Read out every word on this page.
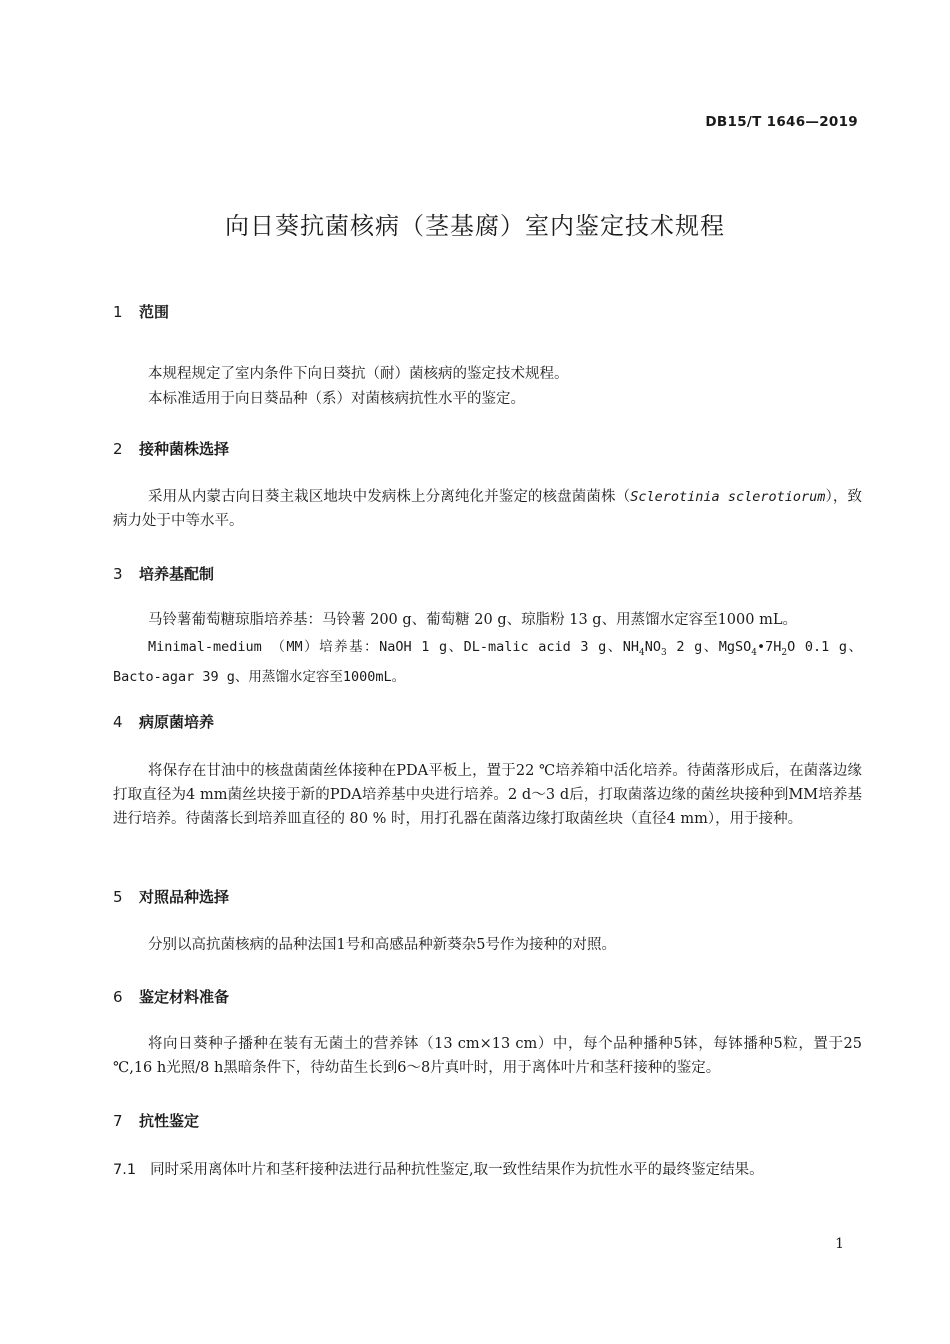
DB15/T 1646—2019
向日葵抗菌核病（茎基腐）室内鉴定技术规程
1 范围
本规程规定了室内条件下向日葵抗（耐）菌核病的鉴定技术规程。
本标准适用于向日葵品种（系）对菌核病抗性水平的鉴定。
2 接种菌株选择
采用从内蒙古向日葵主栽区地块中发病株上分离纯化并鉴定的核盘菌菌株（Sclerotinia sclerotiorum），致病力处于中等水平。
3 培养基配制
马铃薯葡萄糖琼脂培养基：马铃薯 200 g、葡萄糖 20 g、琼脂粉 13 g、用蒸馏水定容至1000 mL。
Minimal-medium （MM）培养基：NaOH 1 g、DL-malic acid 3 g、$NH_4NO_3$ 2 g、$MgSO_4•7H_2O$ 0.1 g、Bacto-agar 39 g、用蒸馏水定容至1000mL。
4 病原菌培养
将保存在甘油中的核盘菌菌丝体接种在PDA平板上，置于22 ℃培养箱中活化培养。待菌落形成后，在菌落边缘打取直径为4 mm菌丝块接于新的PDA培养基中央进行培养。2 d～3 d后，打取菌落边缘的菌丝块接种到MM培养基进行培养。待菌落长到培养皿直径的 80 % 时，用打孔器在菌落边缘打取菌丝块（直径4 mm），用于接种。
5 对照品种选择
分别以高抗菌核病的品种法国1号和高感品种新葵杂5号作为接种的对照。
6 鉴定材料准备
将向日葵种子播种在装有无菌土的营养钵（13 cm×13 cm）中，每个品种播种5钵，每钵播种5粒，置于25 ℃,16 h光照/8 h黑暗条件下，待幼苗生长到6～8片真叶时，用于离体叶片和茎秆接种的鉴定。
7 抗性鉴定
7.1 同时采用离体叶片和茎秆接种法进行品种抗性鉴定,取一致性结果作为抗性水平的最终鉴定结果。
1
